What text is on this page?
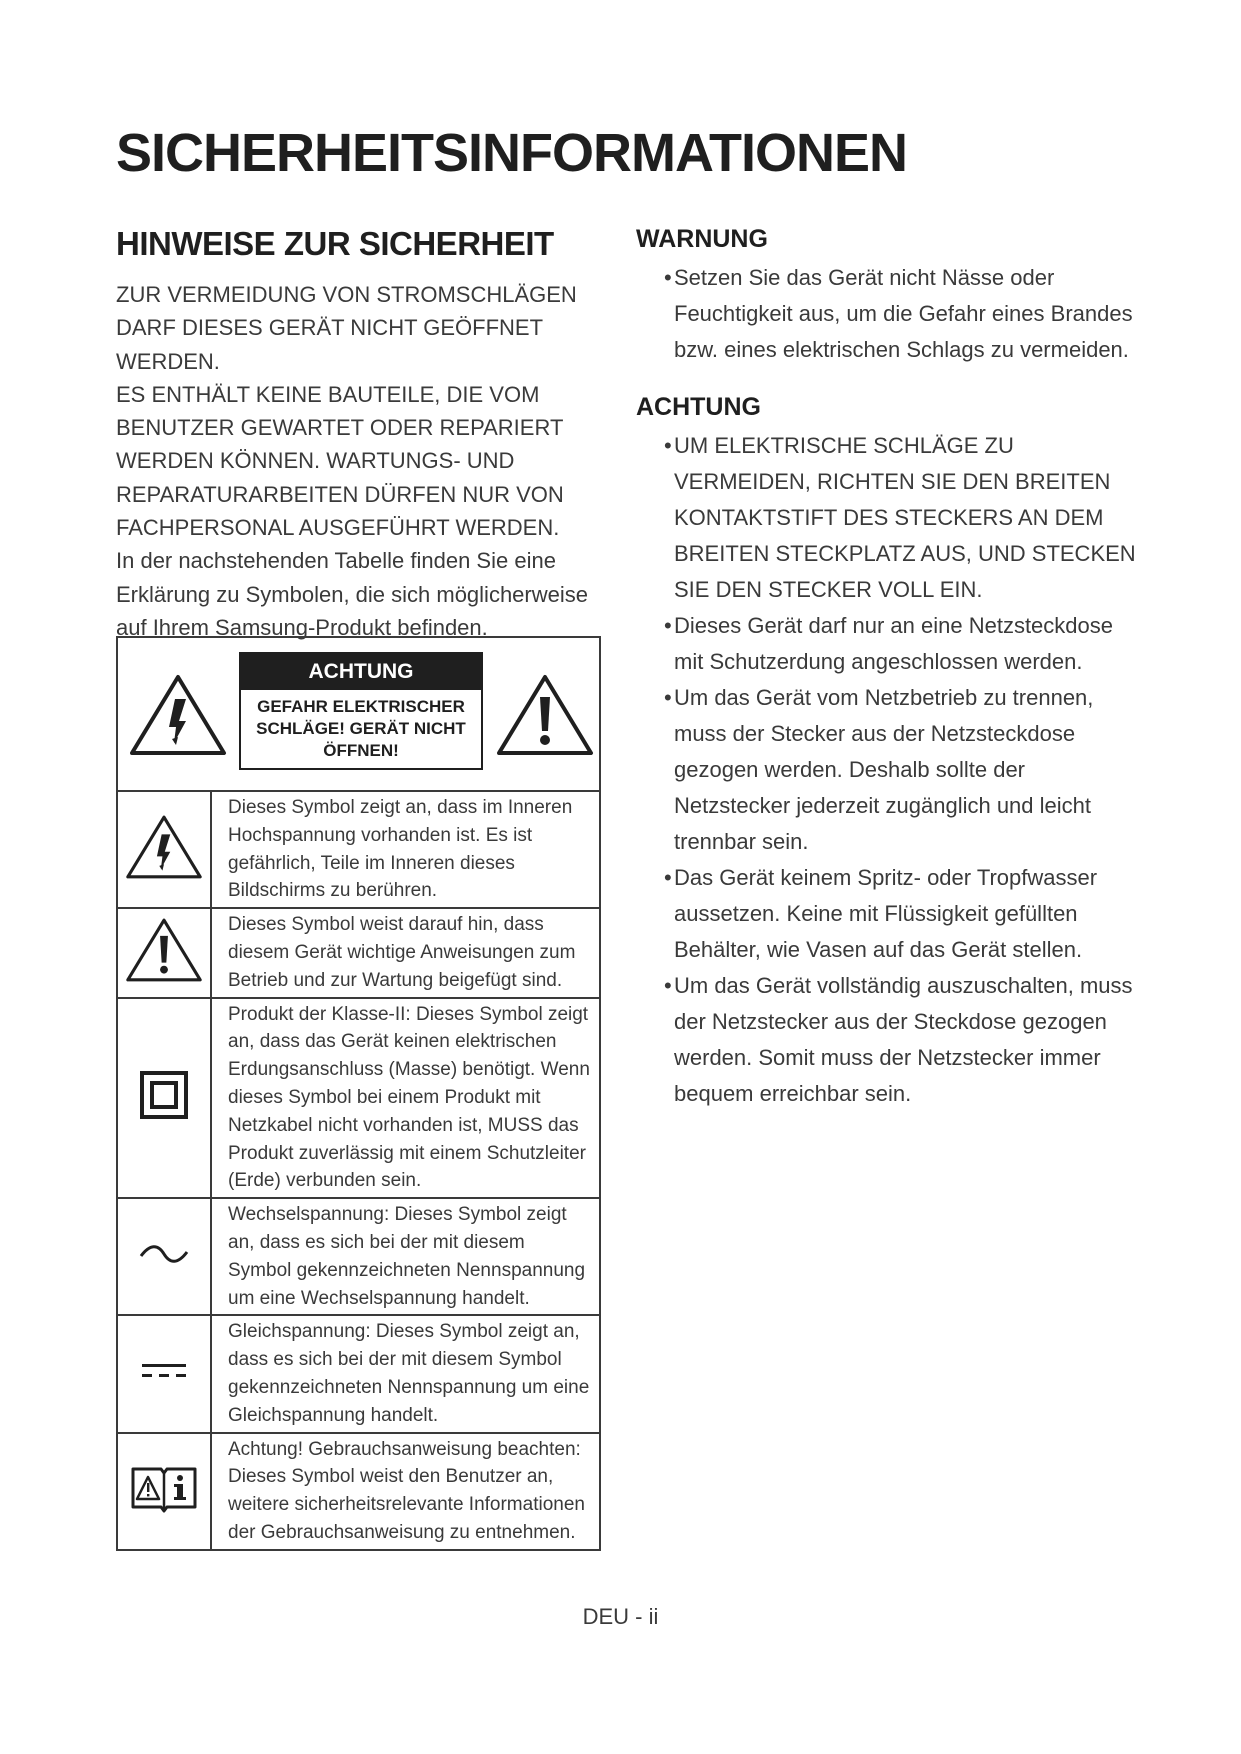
SICHERHEITSINFORMATIONEN
HINWEISE ZUR SICHERHEIT

ZUR VERMEIDUNG VON STROMSCHLÄGEN DARF DIESES GERÄT NICHT GEÖFFNET WERDEN.

ES ENTHÄLT KEINE BAUTEILE, DIE VOM BENUTZER GEWARTET ODER REPARIERT WERDEN KÖNNEN. WARTUNGS- UND REPARATURARBEITEN DÜRFEN NUR VON FACHPERSONAL AUSGEFÜHRT WERDEN.

In der nachstehenden Tabelle finden Sie eine Erklärung zu Symbolen, die sich möglicherweise auf Ihrem Samsung-Produkt befinden.

ACHTUNG
GEFAHR ELEKTRISCHER SCHLÄGE! GERÄT NICHT ÖFFNEN!	

	Dieses Symbol zeigt an, dass im Inneren Hochspannung vorhanden ist. Es ist gefährlich, Teile im Inneren dieses Bildschirms zu berühren.
	Dieses Symbol weist darauf hin, dass diesem Gerät wichtige Anweisungen zum Betrieb und zur Wartung beigefügt sind.
	Produkt der Klasse-II: Dieses Symbol zeigt an, dass das Gerät keinen elektrischen Erdungsanschluss (Masse) benötigt. Wenn dieses Symbol bei einem Produkt mit Netzkabel nicht vorhanden ist, MUSS das Produkt zuverlässig mit einem Schutzleiter (Erde) verbunden sein.
	Wechselspannung: Dieses Symbol zeigt an, dass es sich bei der mit diesem Symbol gekennzeichneten Nennspannung um eine Wechselspannung handelt.
	Gleichspannung: Dieses Symbol zeigt an, dass es sich bei der mit diesem Symbol gekennzeichneten Nennspannung um eine Gleichspannung handelt.
	Achtung! Gebrauchsanweisung beachten: Dieses Symbol weist den Benutzer an, weitere sicherheitsrelevante Informationen der Gebrauchsanweisung zu entnehmen.
WARNUNG
• Setzen Sie das Gerät nicht Nässe oder Feuchtigkeit aus, um die Gefahr eines Brandes bzw. eines elektrischen Schlags zu vermeiden.
ACHTUNG
• UM ELEKTRISCHE SCHLÄGE ZU VERMEIDEN, RICHTEN SIE DEN BREITEN KONTAKTSTIFT DES STECKERS AN DEM BREITEN STECKPLATZ AUS, UND STECKEN SIE DEN STECKER VOLL EIN.
• Dieses Gerät darf nur an eine Netzsteckdose mit Schutzerdung angeschlossen werden.
• Um das Gerät vom Netzbetrieb zu trennen, muss der Stecker aus der Netzsteckdose gezogen werden. Deshalb sollte der Netzstecker jederzeit zugänglich und leicht trennbar sein.
• Das Gerät keinem Spritz- oder Tropfwasser aussetzen. Keine mit Flüssigkeit gefüllten Behälter, wie Vasen auf das Gerät stellen.
• Um das Gerät vollständig auszuschalten, muss der Netzstecker aus der Steckdose gezogen werden. Somit muss der Netzstecker immer bequem erreichbar sein.
DEU - ii
